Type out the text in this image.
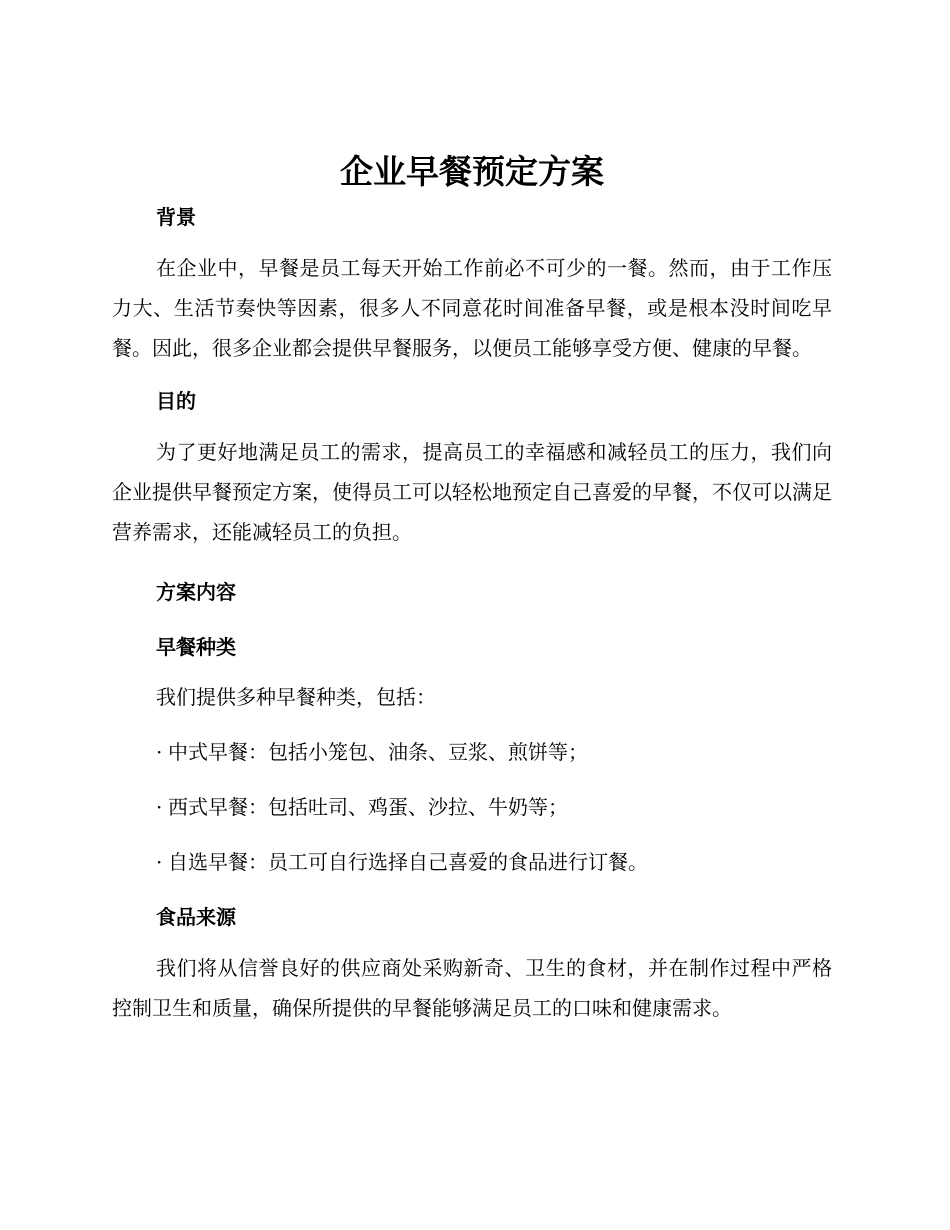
企业早餐预定方案
背景

在企业中，早餐是员工每天开始工作前必不可少的一餐。然而，由于工作压力大、生活节奏快等因素，很多人不同意花时间准备早餐，或是根本没时间吃早餐。因此，很多企业都会提供早餐服务，以便员工能够享受方便、健康的早餐。

目的

为了更好地满足员工的需求，提高员工的幸福感和减轻员工的压力，我们向企业提供早餐预定方案，使得员工可以轻松地预定自己喜爱的早餐，不仅可以满足营养需求，还能减轻员工的负担。

方案内容
早餐种类

我们提供多种早餐种类，包括：

· 中式早餐：包括小笼包、油条、豆浆、煎饼等；

· 西式早餐：包括吐司、鸡蛋、沙拉、牛奶等；

· 自选早餐：员工可自行选择自己喜爱的食品进行订餐。

食品来源

我们将从信誉良好的供应商处采购新奇、卫生的食材，并在制作过程中严格控制卫生和质量，确保所提供的早餐能够满足员工的口味和健康需求。
